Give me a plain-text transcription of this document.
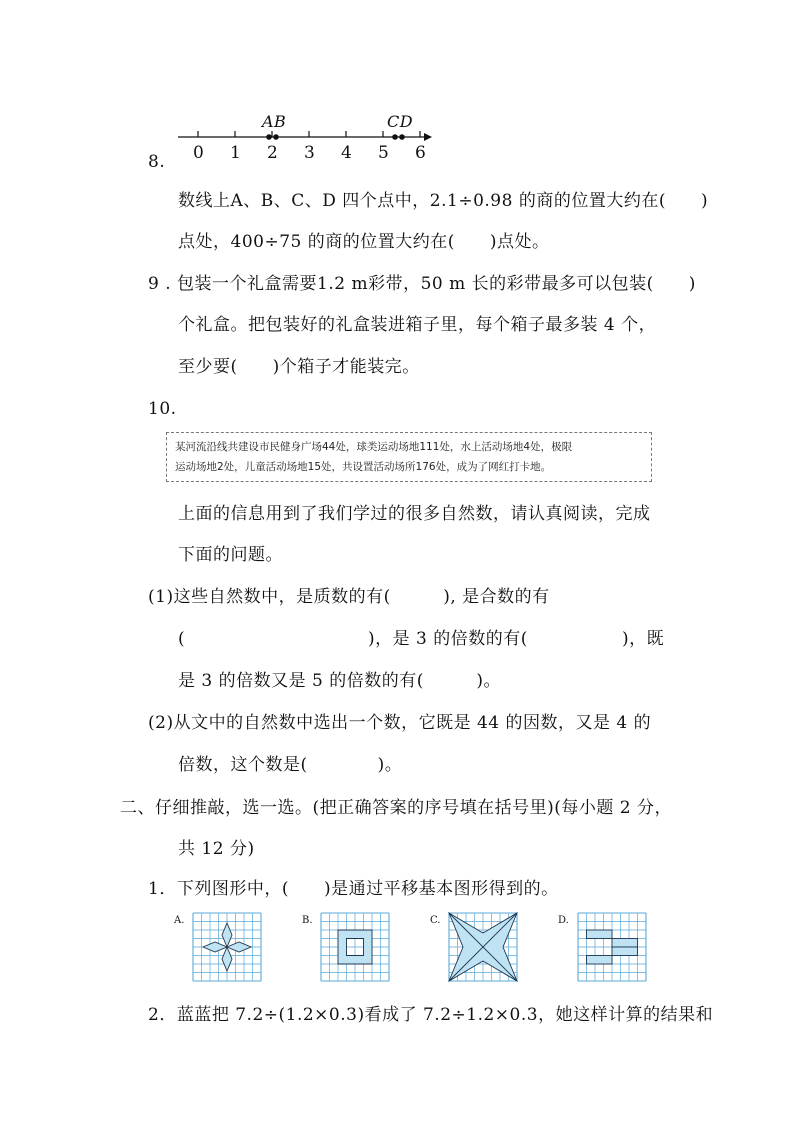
AB	CD
0 1 2 3 4 5 6
8.
数线上A、B、C、D 四个点中，2.1÷0.98 的商的位置大约在(　　)
点处，400÷75 的商的位置大约在(　　)点处。
9 . 包装一个礼盒需要1.2 m彩带，50 m 长的彩带最多可以包装(　　)
个礼盒。把包装好的礼盒装进箱子里，每个箱子最多装 4 个，
至少要(　　)个箱子才能装完。
10.
某河流沿线共建设市民健身广场44处，球类运动场地111处，水上活动场地4处，极限
运动场地2处，儿童活动场地15处，共设置活动场所176处，成为了网红打卡地。
上面的信息用到了我们学过的很多自然数，请认真阅读，完成
下面的问题。
(1)这些自然数中，是质数的有(　　　), 是合数的有
(	)，是 3 的倍数的有(	)，既
是 3 的倍数又是 5 的倍数的有(　　　)。
(2)从文中的自然数中选出一个数，它既是 44 的因数，又是 4 的
倍数，这个数是(　　　　)。
二、仔细推敲，选一选。(把正确答案的序号填在括号里)(每小题 2 分，
共 12 分)
1．下列图形中，(　　)是通过平移基本图形得到的。
A.	B.	C.	D.
2．蓝蓝把 7.2÷(1.2×0.3)看成了 7.2÷1.2×0.3，她这样计算的结果和
